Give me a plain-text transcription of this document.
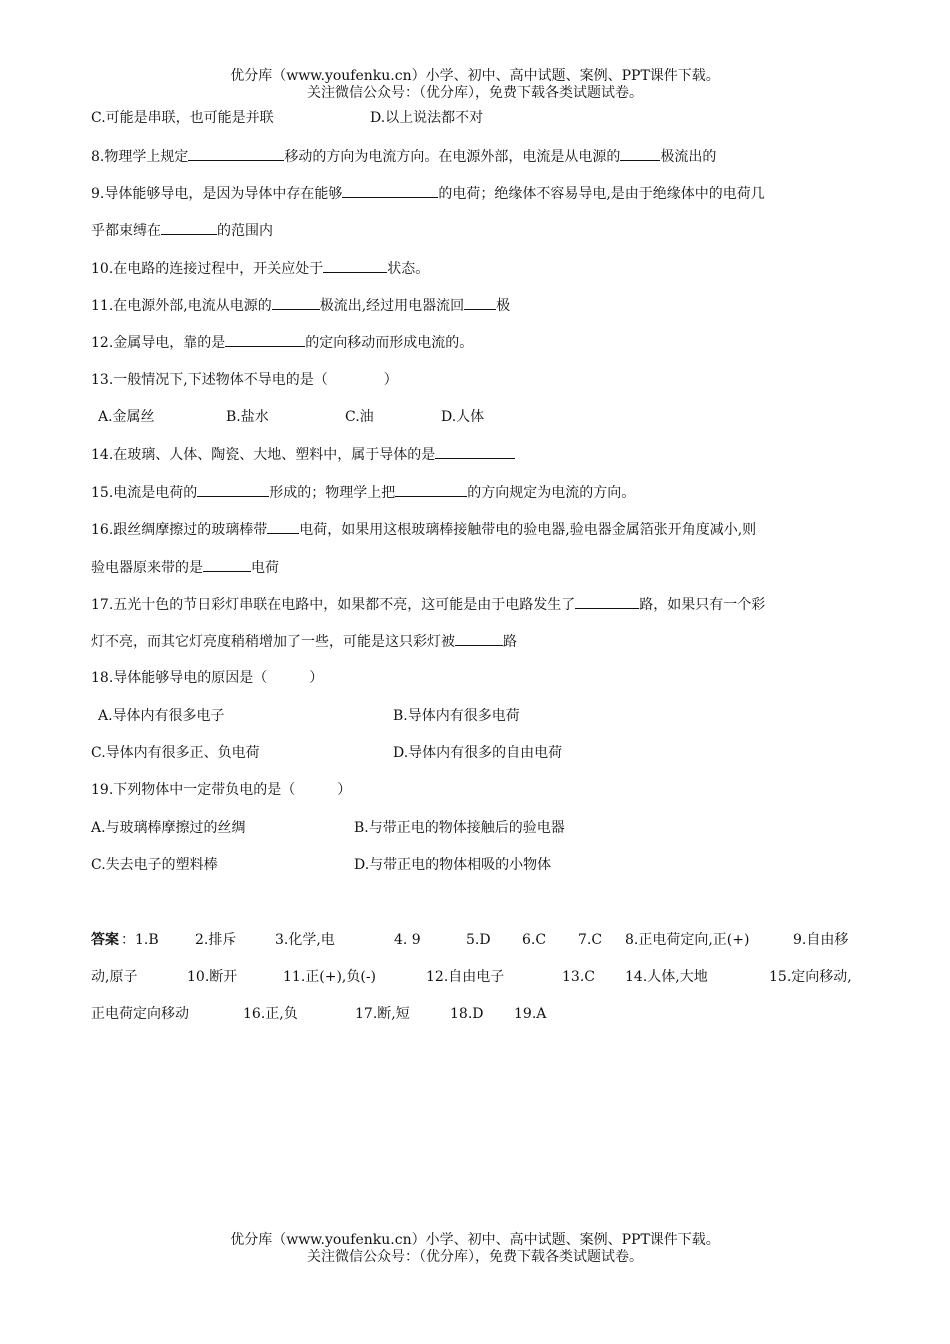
优分库（www.youfenku.cn）小学、初中、高中试题、案例、PPT课件下载。
关注微信公众号：（优分库），免费下载各类试题试卷。
C.可能是串联，也可能是并联	D.以上说法都不对
8.物理学上规定	移动的方向为电流方向。在电源外部，电流是从电源的	极流出的
9.导体能够导电，是因为导体中存在能够	的电荷；绝缘体不容易导电,是由于绝缘体中的电荷几
乎都束缚在	的范围内
10.在电路的连接过程中，开关应处于	状态。
11.在电源外部,电流从电源的	极流出,经过用电器流回 极
12.金属导电，靠的是	的定向移动而形成电流的。
13.一般情况下,下述物体不导电的是（　　　　）
A.金属丝	B.盐水	C.油	D.人体
14.在玻璃、人体、陶瓷、大地、塑料中，属于导体的是
15.电流是电荷的	形成的；物理学上把	的方向规定为电流的方向。
16.跟丝绸摩擦过的玻璃棒带 电荷，如果用这根玻璃棒接触带电的验电器,验电器金属箔张开角度减小,则
验电器原来带的是	电荷
17.五光十色的节日彩灯串联在电路中，如果都不亮，这可能是由于电路发生了	路，如果只有一个彩
灯不亮，而其它灯亮度稍稍增加了一些，可能是这只彩灯被	路
18.导体能够导电的原因是（　　　）
A.导体内有很多电子	B.导体内有很多电荷
C.导体内有很多正、负电荷	D.导体内有很多的自由电荷
19.下列物体中一定带负电的是（　　　）
A.与玻璃棒摩擦过的丝绸	B.与带正电的物体接触后的验电器
C.失去电子的塑料棒	D.与带正电的物体相吸的小物体
答案 ：1.B	2.排斥	3.化学,电	4. 9	5.D 6.C 7.C 8.正电荷定向,正(+)	9.自由移
动,原子	10.断开	11.正(+),负(-)	12.自由电子	13.C 14.人体,大地	15.定向移动,
正电荷定向移动	16.正,负	17.断,短	18.D 19.A
优分库（www.youfenku.cn）小学、初中、高中试题、案例、PPT课件下载。
关注微信公众号：（优分库），免费下载各类试题试卷。
